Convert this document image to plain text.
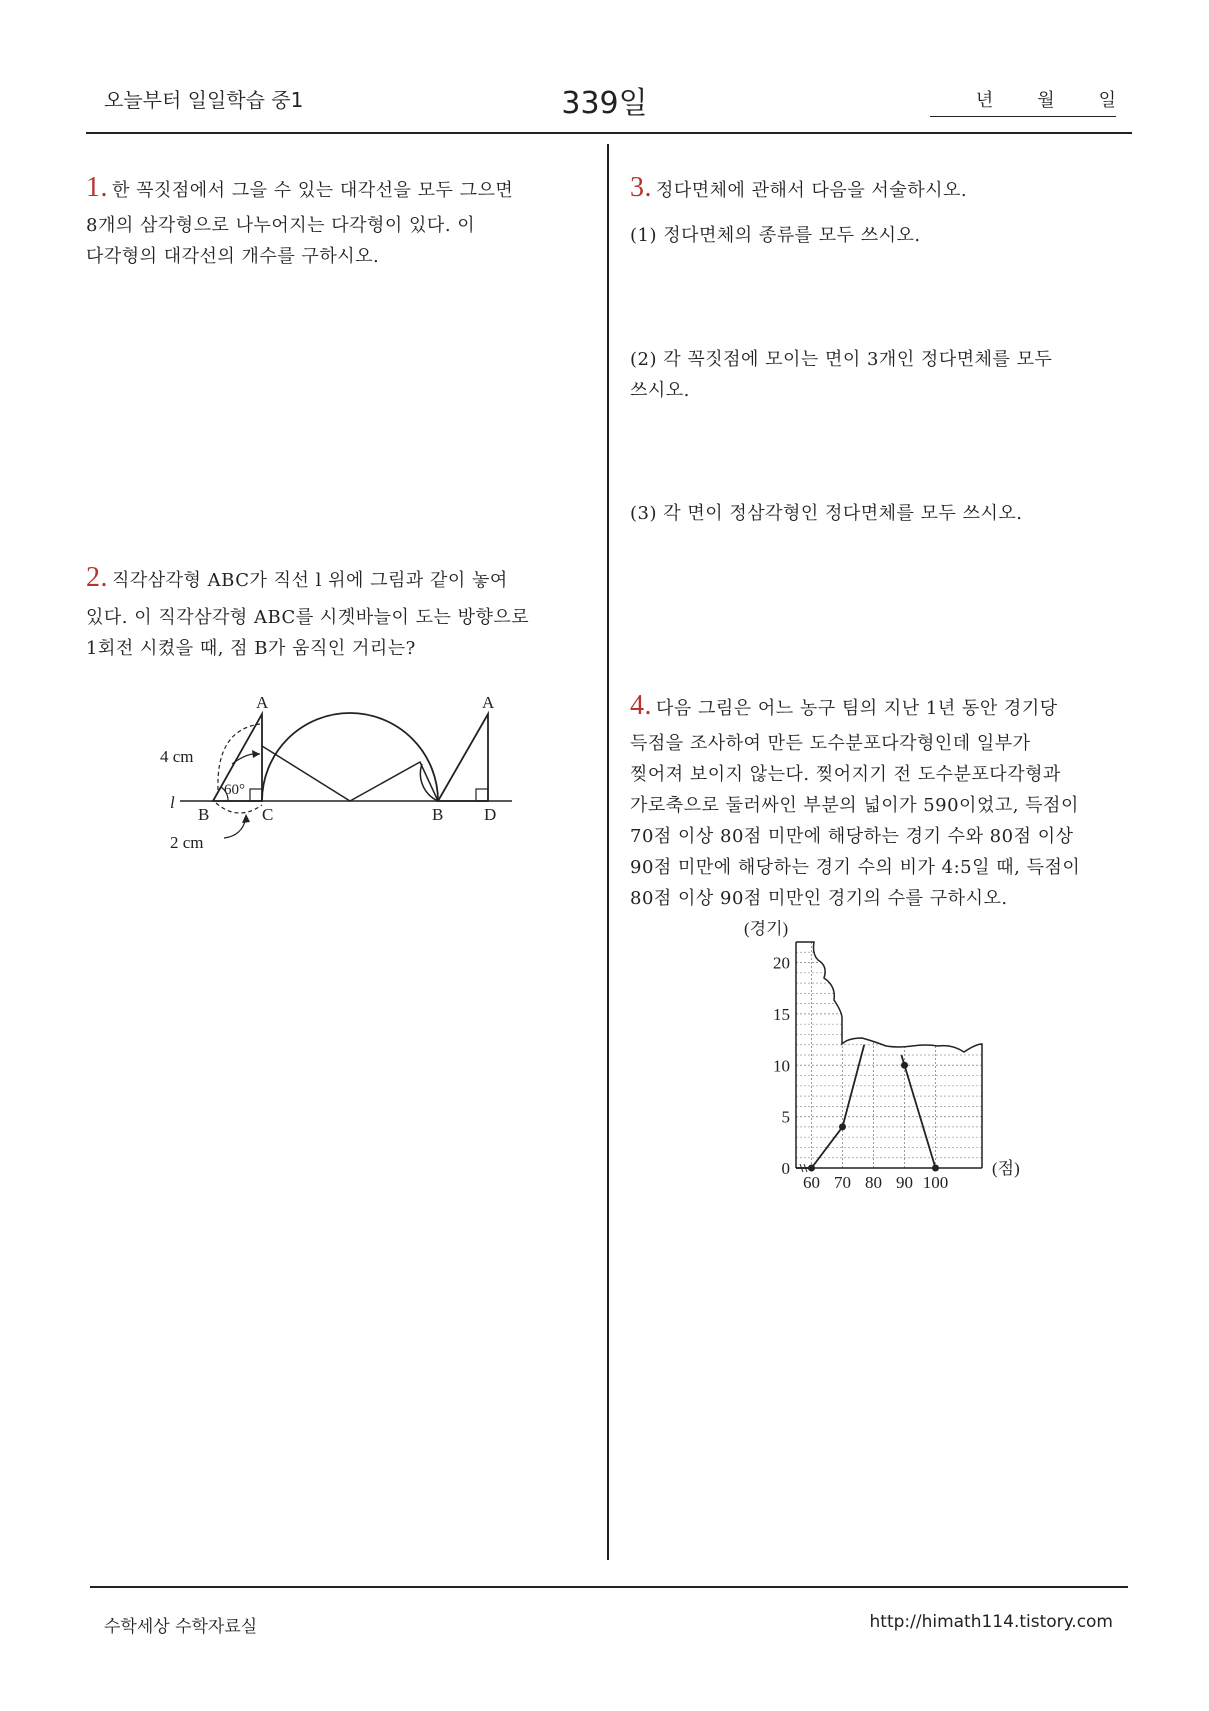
오늘부터 일일학습 중1	339일	년 월 일
1. 한 꼭짓점에서 그을 수 있는 대각선을 모두 그으면
8개의 삼각형으로 나누어지는 다각형이 있다. 이
다각형의 대각선의 개수를 구하시오.
2. 직각삼각형 ABC가 직선 l 위에 그림과 같이 놓여
있다. 이 직각삼각형 ABC를 시곗바늘이 도는 방향으로
1회전 시켰을 때, 점 B가 움직인 거리는?
A	A
4 cm
60°
l
B	C	B D
2 cm
3. 정다면체에 관해서 다음을 서술하시오.
(1) 정다면체의 종류를 모두 쓰시오.
(2) 각 꼭짓점에 모이는 면이 3개인 정다면체를 모두
쓰시오.
(3) 각 면이 정삼각형인 정다면체를 모두 쓰시오.
4. 다음 그림은 어느 농구 팀의 지난 1년 동안 경기당
득점을 조사하여 만든 도수분포다각형인데 일부가
찢어져 보이지 않는다. 찢어지기 전 도수분포다각형과
가로축으로 둘러싸인 부분의 넓이가 590이었고, 득점이
70점 이상 80점 미만에 해당하는 경기 수와 80점 이상
90점 미만에 해당하는 경기 수의 비가 4:5일 때, 득점이
80점 이상 90점 미만인 경기의 수를 구하시오.
0
5
10
15
20
60 70 80 90 100
(경기)
(점)
수학세상 수학자료실	http://himath114.tistory.com
